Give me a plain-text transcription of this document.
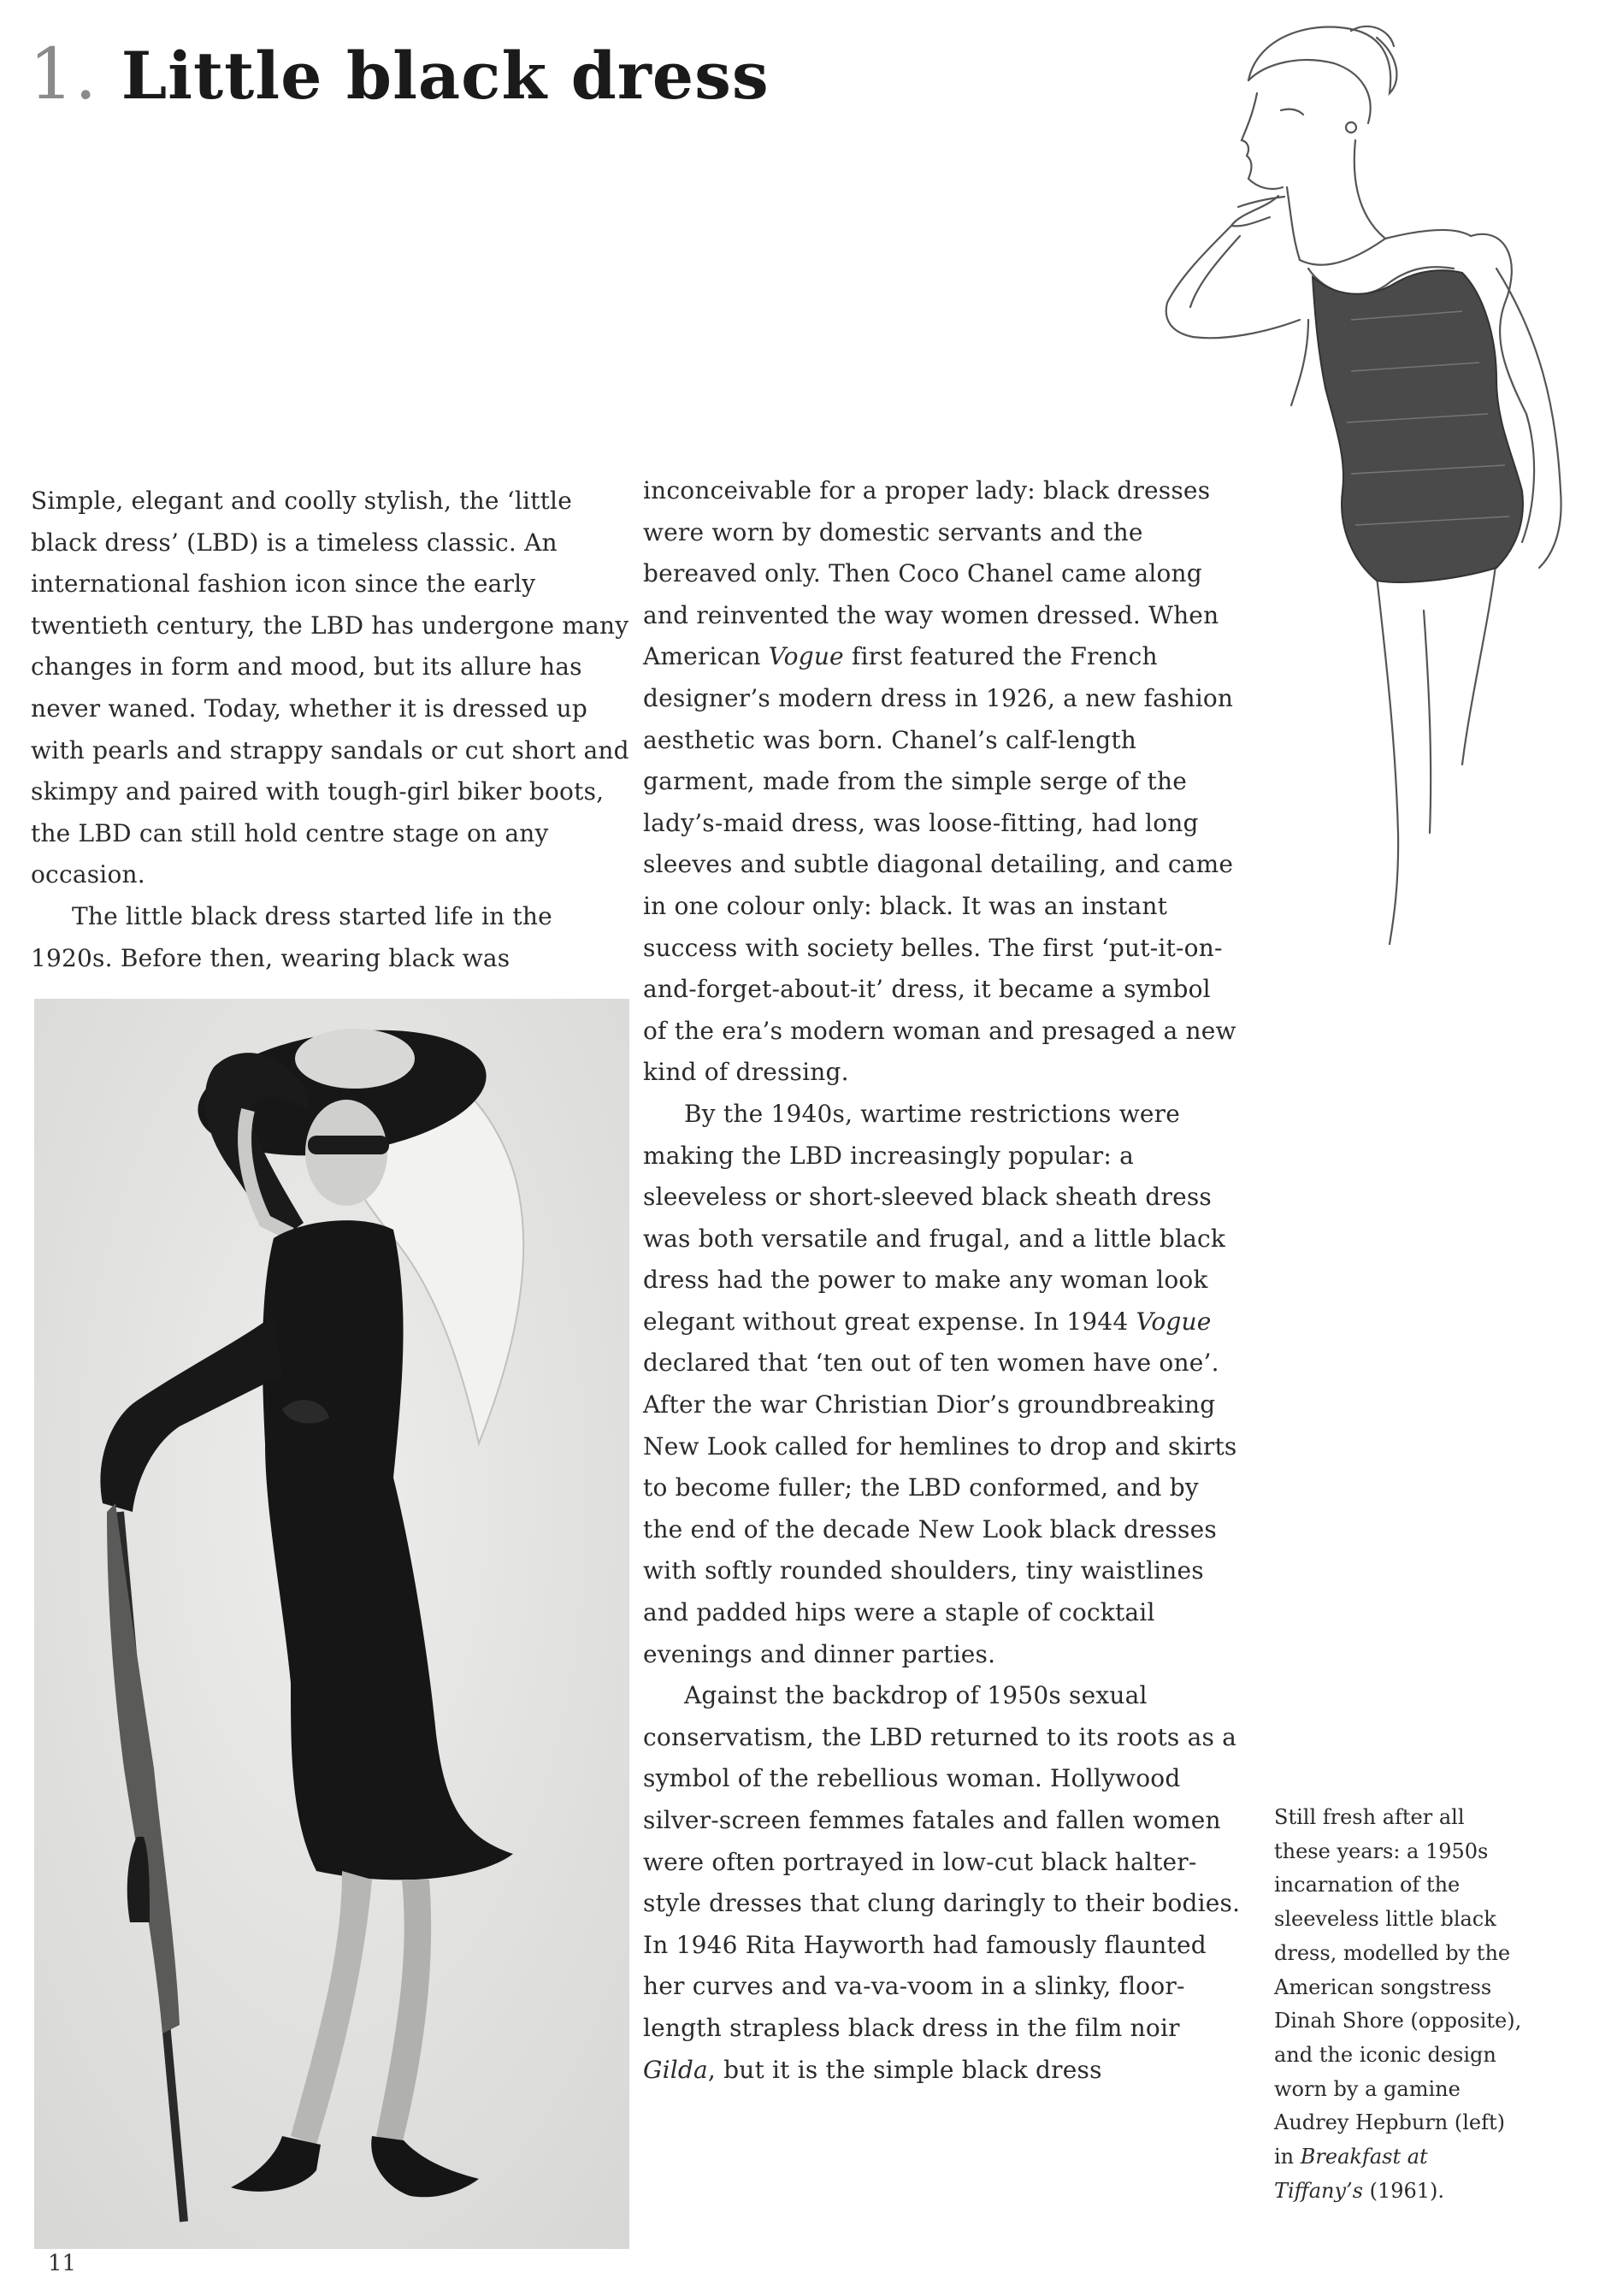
1. Little black dress

Simple, elegant and coolly stylish, the ‘little black dress’ (LBD) is a timeless classic. An international fashion icon since the early twentieth century, the LBD has undergone many changes in form and mood, but its allure has never waned. Today, whether it is dressed up with pearls and strappy sandals or cut short and skimpy and paired with tough-girl biker boots, the LBD can still hold centre stage on any occasion.

The little black dress started life in the 1920s. Before then, wearing black was

inconceivable for a proper lady: black dresses were worn by domestic servants and the bereaved only. Then Coco Chanel came along and reinvented the way women dressed. When American Vogue first featured the French designer’s modern dress in 1926, a new fashion aesthetic was born. Chanel’s calf-length garment, made from the simple serge of the lady’s-maid dress, was loose-fitting, had long sleeves and subtle diagonal detailing, and came in one colour only: black. It was an instant success with society belles. The first ‘put-it-on-and-forget-about-it’ dress, it became a symbol of the era’s modern woman and presaged a new kind of dressing.

By the 1940s, wartime restrictions were making the LBD increasingly popular: a sleeveless or short-sleeved black sheath dress was both versatile and frugal, and a little black dress had the power to make any woman look elegant without great expense. In 1944 Vogue declared that ‘ten out of ten women have one’. After the war Christian Dior’s groundbreaking New Look called for hemlines to drop and skirts to become fuller; the LBD conformed, and by the end of the decade New Look black dresses with softly rounded shoulders, tiny waistlines and padded hips were a staple of cocktail evenings and dinner parties.

Against the backdrop of 1950s sexual conservatism, the LBD returned to its roots as a symbol of the rebellious woman. Hollywood silver-screen femmes fatales and fallen women were often portrayed in low-cut black halter-style dresses that clung daringly to their bodies. In 1946 Rita Hayworth had famously flaunted her curves and va-va-voom in a slinky, floor-length strapless black dress in the film noir Gilda, but it is the simple black dress

Still fresh after all
these years: a 1950s
incarnation of the
sleeveless little black
dress, modelled by the
American songstress
Dinah Shore (opposite),
and the iconic design
worn by a gamine
Audrey Hepburn (left)
in Breakfast at
Tiffany’s (1961).
11
